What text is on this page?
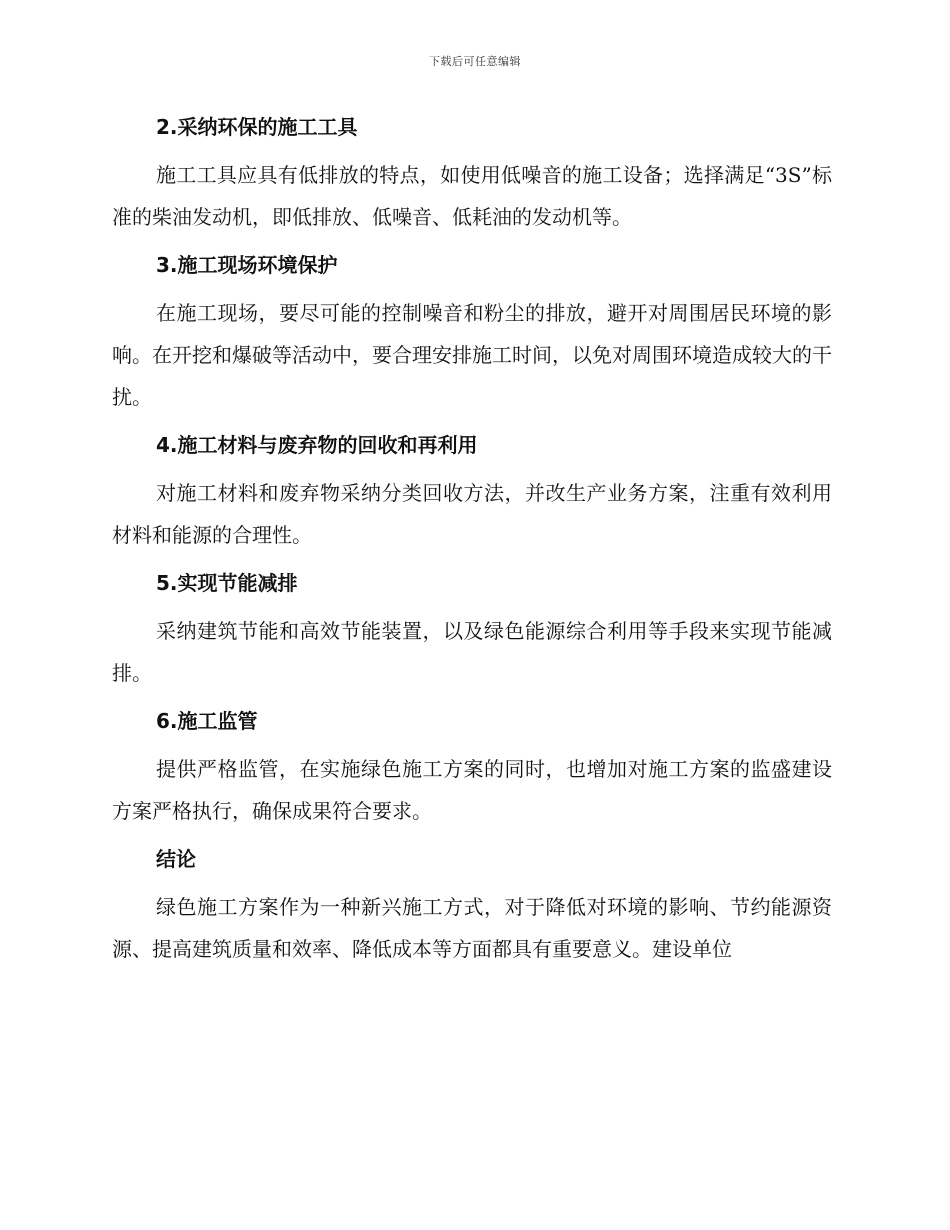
下载后可任意编辑
2.采纳环保的施工工具
施工工具应具有低排放的特点，如使用低噪音的施工设备；选择满足“3S”标准的柴油发动机，即低排放、低噪音、低耗油的发动机等。
3.施工现场环境保护
在施工现场，要尽可能的控制噪音和粉尘的排放，避开对周围居民环境的影响。在开挖和爆破等活动中，要合理安排施工时间，以免对周围环境造成较大的干扰。
4.施工材料与废弃物的回收和再利用
对施工材料和废弃物采纳分类回收方法，并改生产业务方案，注重有效利用材料和能源的合理性。
5.实现节能减排
采纳建筑节能和高效节能装置，以及绿色能源综合利用等手段来实现节能减排。
6.施工监管
提供严格监管，在实施绿色施工方案的同时，也增加对施工方案的监盛建设方案严格执行，确保成果符合要求。
结论
绿色施工方案作为一种新兴施工方式，对于降低对环境的影响、节约能源资源、提高建筑质量和效率、降低成本等方面都具有重要意义。建设单位
